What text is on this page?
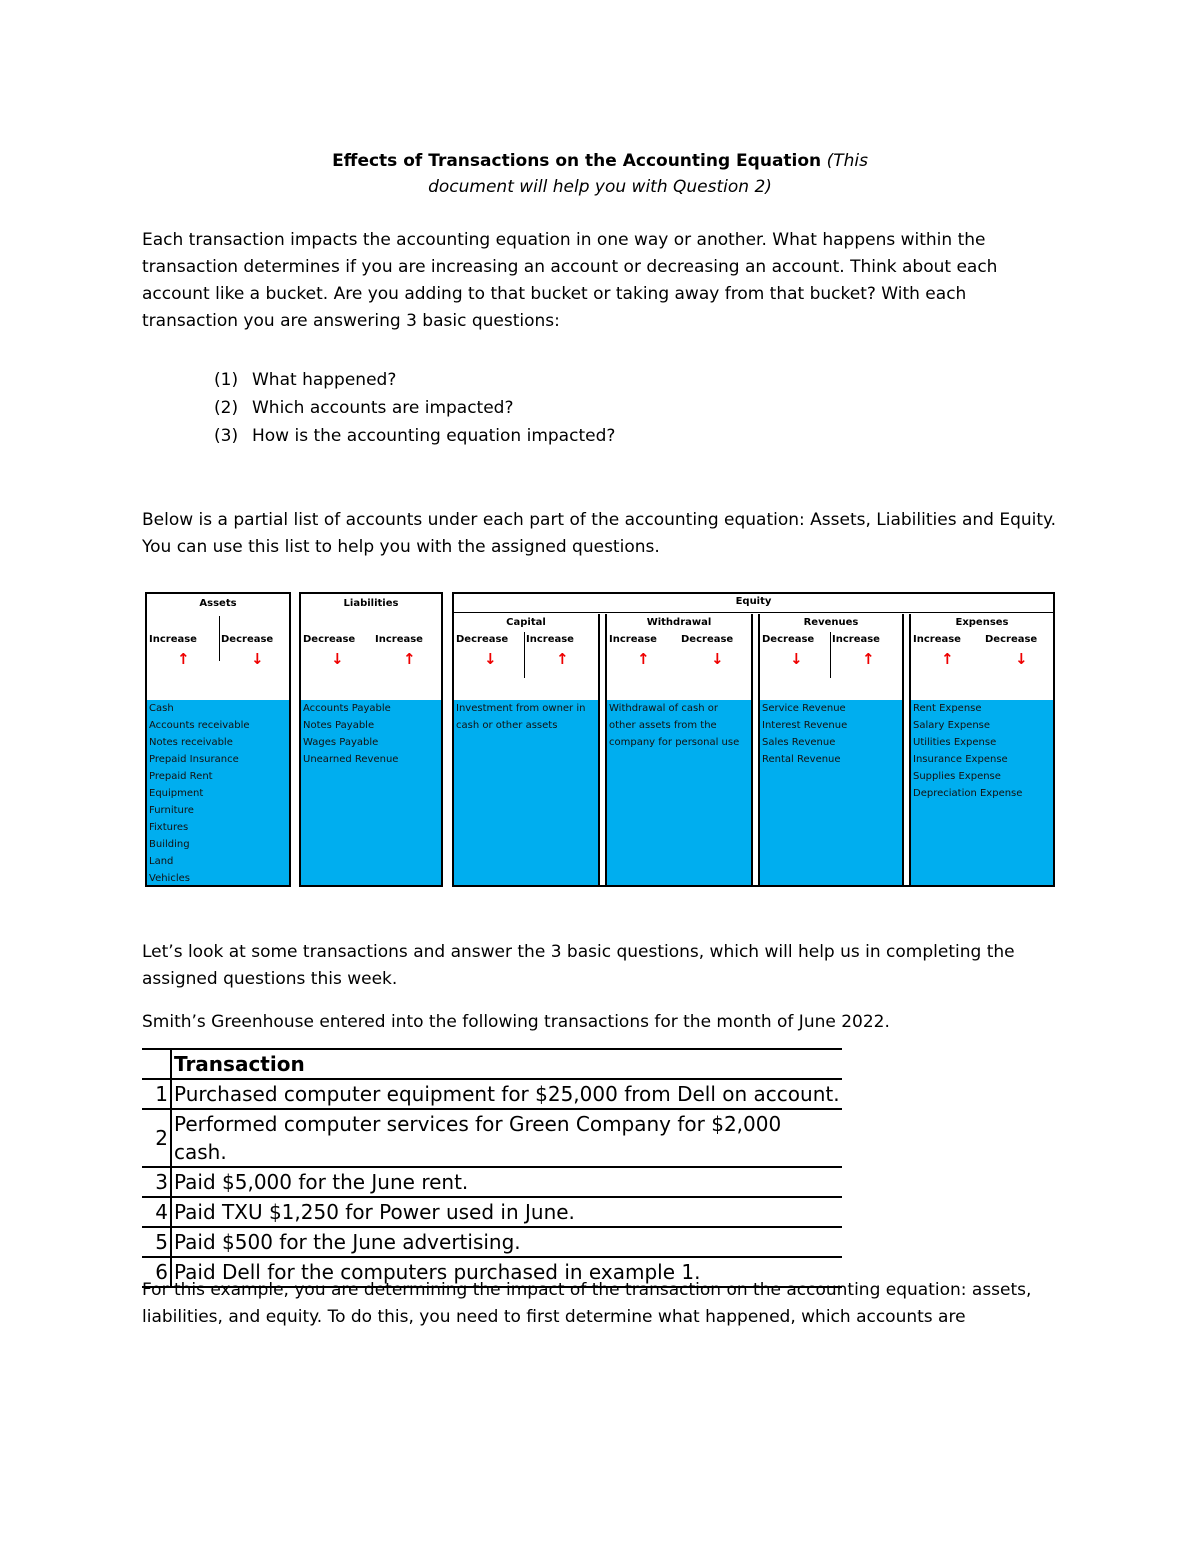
Effects of Transactions on the Accounting Equation (This
document will help you with Question 2)
Each transaction impacts the accounting equation in one way or another. What happens within the transaction determines if you are increasing an account or decreasing an account. Think about each account like a bucket. Are you adding to that bucket or taking away from that bucket? With each transaction you are answering 3 basic questions:
(1) What happened?
(2) Which accounts are impacted?
(3) How is the accounting equation impacted?
Below is a partial list of accounts under each part of the accounting equation: Assets, Liabilities and Equity. You can use this list to help you with the assigned questions.
Assets
Increase Decrease
↑	↓
Cash
Accounts receivable
Notes receivable
Prepaid Insurance
Prepaid Rent
Equipment
Furniture
Fixtures
Building
Land
Vehicles
Liabilities
Decrease Increase
↓	↑
Accounts Payable
Notes Payable
Wages Payable
Unearned Revenue
Equity
Capital
Decrease Increase
↓	↑
Investment from owner in
cash or other assets
Withdrawal
Increase Decrease
↑	↓
Withdrawal of cash or
other assets from the
company for personal use
Revenues
Decrease Increase
↓	↑
Service Revenue
Interest Revenue
Sales Revenue
Rental Revenue
Expenses
Increase Decrease
↑	↓
Rent Expense
Salary Expense
Utilities Expense
Insurance Expense
Supplies Expense
Depreciation Expense
Let’s look at some transactions and answer the 3 basic questions, which will help us in completing the assigned questions this week.
Smith’s Greenhouse entered into the following transactions for the month of June 2022.
	Transaction
1	Purchased computer equipment for $25,000 from Dell on account.
2	Performed computer services for Green Company for $2,000 cash.
3	Paid $5,000 for the June rent.
4	Paid TXU $1,250 for Power used in June.
5	Paid $500 for the June advertising.
6	Paid Dell for the computers purchased in example 1.
For this example, you are determining the impact of the transaction on the accounting equation: assets, liabilities, and equity. To do this, you need to first determine what happened, which accounts are
